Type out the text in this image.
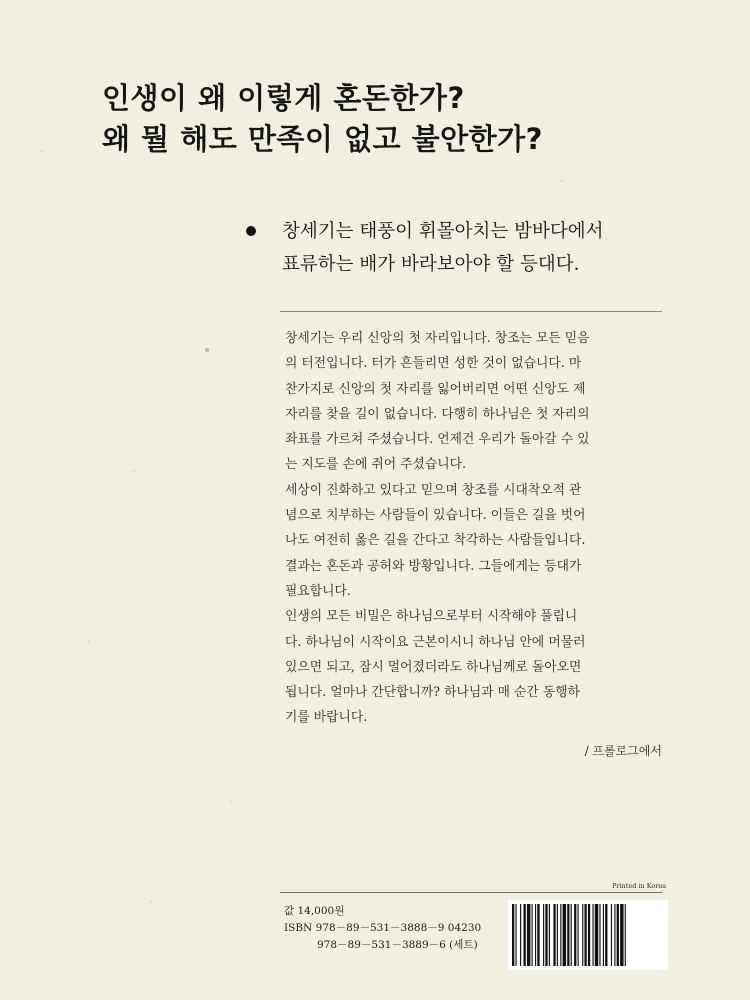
인생이 왜 이렇게 혼돈한가?
왜 뭘 해도 만족이 없고 불안한가?
창세기는 태풍이 휘몰아치는 밤바다에서
표류하는 배가 바라보아야 할 등대다.
창세기는 우리 신앙의 첫 자리입니다. 창조는 모든 믿음
의 터전입니다. 터가 흔들리면 성한 것이 없습니다. 마
찬가지로 신앙의 첫 자리를 잃어버리면 어떤 신앙도 제
자리를 찾을 길이 없습니다. 다행히 하나님은 첫 자리의
좌표를 가르쳐 주셨습니다. 언제건 우리가 돌아갈 수 있
는 지도를 손에 쥐어 주셨습니다.
세상이 진화하고 있다고 믿으며 창조를 시대착오적 관
념으로 치부하는 사람들이 있습니다. 이들은 길을 벗어
나도 여전히 옳은 길을 간다고 착각하는 사람들입니다.
결과는 혼돈과 공허와 방황입니다. 그들에게는 등대가
필요합니다.
인생의 모든 비밀은 하나님으로부터 시작해야 풀립니
다. 하나님이 시작이요 근본이시니 하나님 안에 머물러
있으면 되고, 잠시 멀어졌더라도 하나님께로 돌아오면
됩니다. 얼마나 간단합니까? 하나님과 매 순간 동행하
기를 바랍니다.
/ 프롤로그에서
Printed in Korea
값 14,000원
ISBN 978－89－531－3888－9 04230
978－89－531－3889－6 (세트)
